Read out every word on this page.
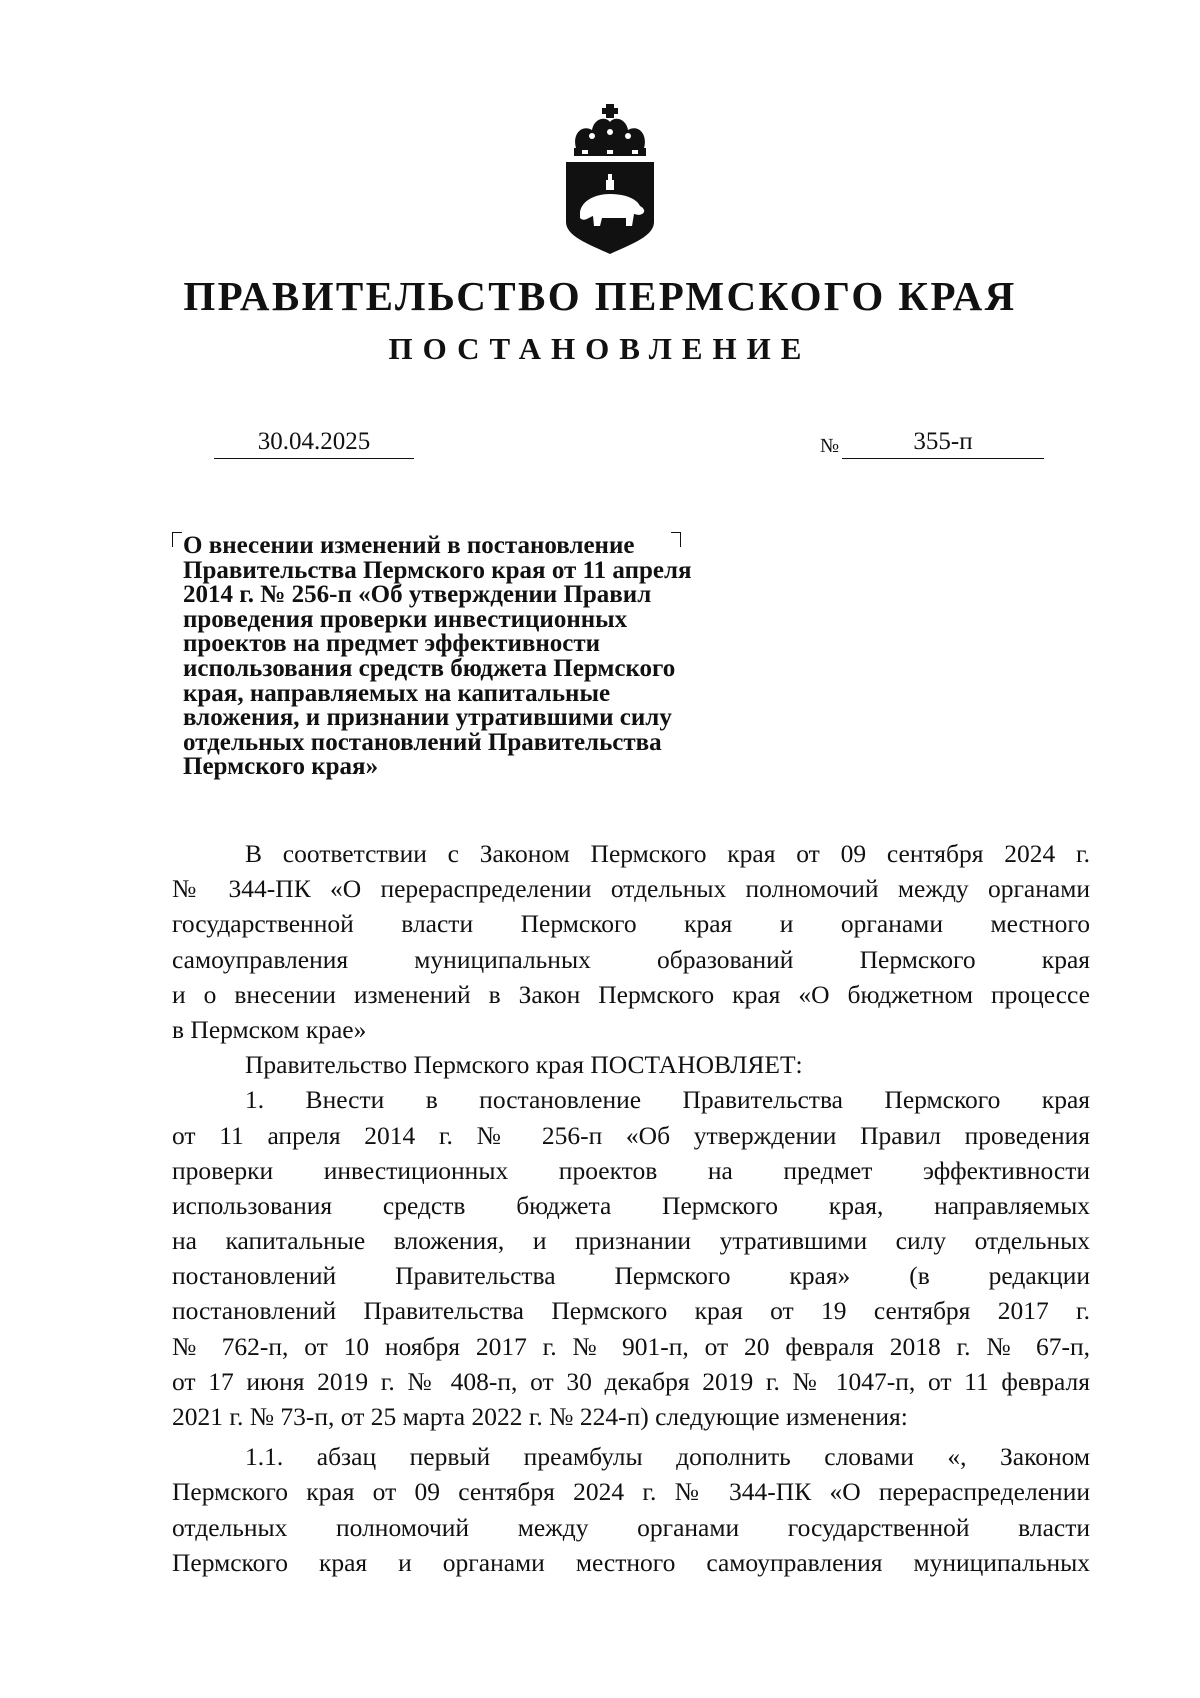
ПРАВИТЕЛЬСТВО ПЕРМСКОГО КРАЯ
ПОСТАНОВЛЕНИЕ
30.04.2025	№	355-п
О внесении изменений в постановление
Правительства Пермского края от 11 апреля
2014 г. № 256-п «Об утверждении Правил
проведения проверки инвестиционных
проектов на предмет эффективности
использования средств бюджета Пермского
края, направляемых на капитальные
вложения, и признании утратившими силу
отдельных постановлений Правительства
Пермского края»
В соответствии с Законом Пермского края от 09 сентября 2024 г.
№ 344-ПК «О перераспределении отдельных полномочий между органами
государственной власти Пермского края и органами местного
самоуправления муниципальных образований Пермского края
и о внесении изменений в Закон Пермского края «О бюджетном процессе
в Пермском крае»
Правительство Пермского края ПОСТАНОВЛЯЕТ:
1. Внести в постановление Правительства Пермского края
от 11 апреля 2014 г. № 256-п «Об утверждении Правил проведения
проверки инвестиционных проектов на предмет эффективности
использования средств бюджета Пермского края, направляемых
на капитальные вложения, и признании утратившими силу отдельных
постановлений Правительства Пермского края» (в редакции
постановлений Правительства Пермского края от 19 сентября 2017 г.
№ 762-п, от 10 ноября 2017 г. № 901-п, от 20 февраля 2018 г. № 67-п,
от 17 июня 2019 г. № 408-п, от 30 декабря 2019 г. № 1047-п, от 11 февраля
2021 г. № 73-п, от 25 марта 2022 г. № 224-п) следующие изменения:
1.1. абзац первый преамбулы дополнить словами «, Законом
Пермского края от 09 сентября 2024 г. № 344-ПК «О перераспределении
отдельных полномочий между органами государственной власти
Пермского края и органами местного самоуправления муниципальных
